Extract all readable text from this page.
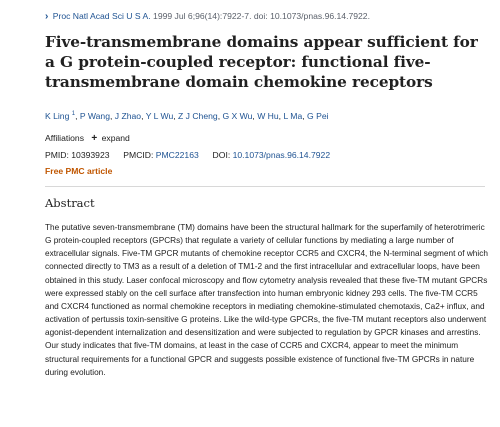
› Proc Natl Acad Sci U S A. 1999 Jul 6;96(14):7922-7. doi: 10.1073/pnas.96.14.7922.
Five-transmembrane domains appear sufficient for a G protein-coupled receptor: functional five-transmembrane domain chemokine receptors
K Ling $^1$, P Wang, J Zhao, Y L Wu, Z J Cheng, G X Wu, W Hu, L Ma, G Pei
Affiliations + expand
PMID: 10393923 PMCID: PMC22163 DOI: 10.1073/pnas.96.14.7922
Free PMC article
Abstract

The putative seven-transmembrane (TM) domains have been the structural hallmark for the superfamily of heterotrimeric G protein-coupled receptors (GPCRs) that regulate a variety of cellular functions by mediating a large number of extracellular signals. Five-TM GPCR mutants of chemokine receptor CCR5 and CXCR4, the N-terminal segment of which connected directly to TM3 as a result of a deletion of TM1-2 and the first intracellular and extracellular loops, have been obtained in this study. Laser confocal microscopy and flow cytometry analysis revealed that these five-TM mutant GPCRs were expressed stably on the cell surface after transfection into human embryonic kidney 293 cells. The five-TM CCR5 and CXCR4 functioned as normal chemokine receptors in mediating chemokine-stimulated chemotaxis, Ca2+ influx, and activation of pertussis toxin-sensitive G proteins. Like the wild-type GPCRs, the five-TM mutant receptors also underwent agonist-dependent internalization and desensitization and were subjected to regulation by GPCR kinases and arrestins. Our study indicates that five-TM domains, at least in the case of CCR5 and CXCR4, appear to meet the minimum structural requirements for a functional GPCR and suggests possible existence of functional five-TM GPCRs in nature during evolution.
